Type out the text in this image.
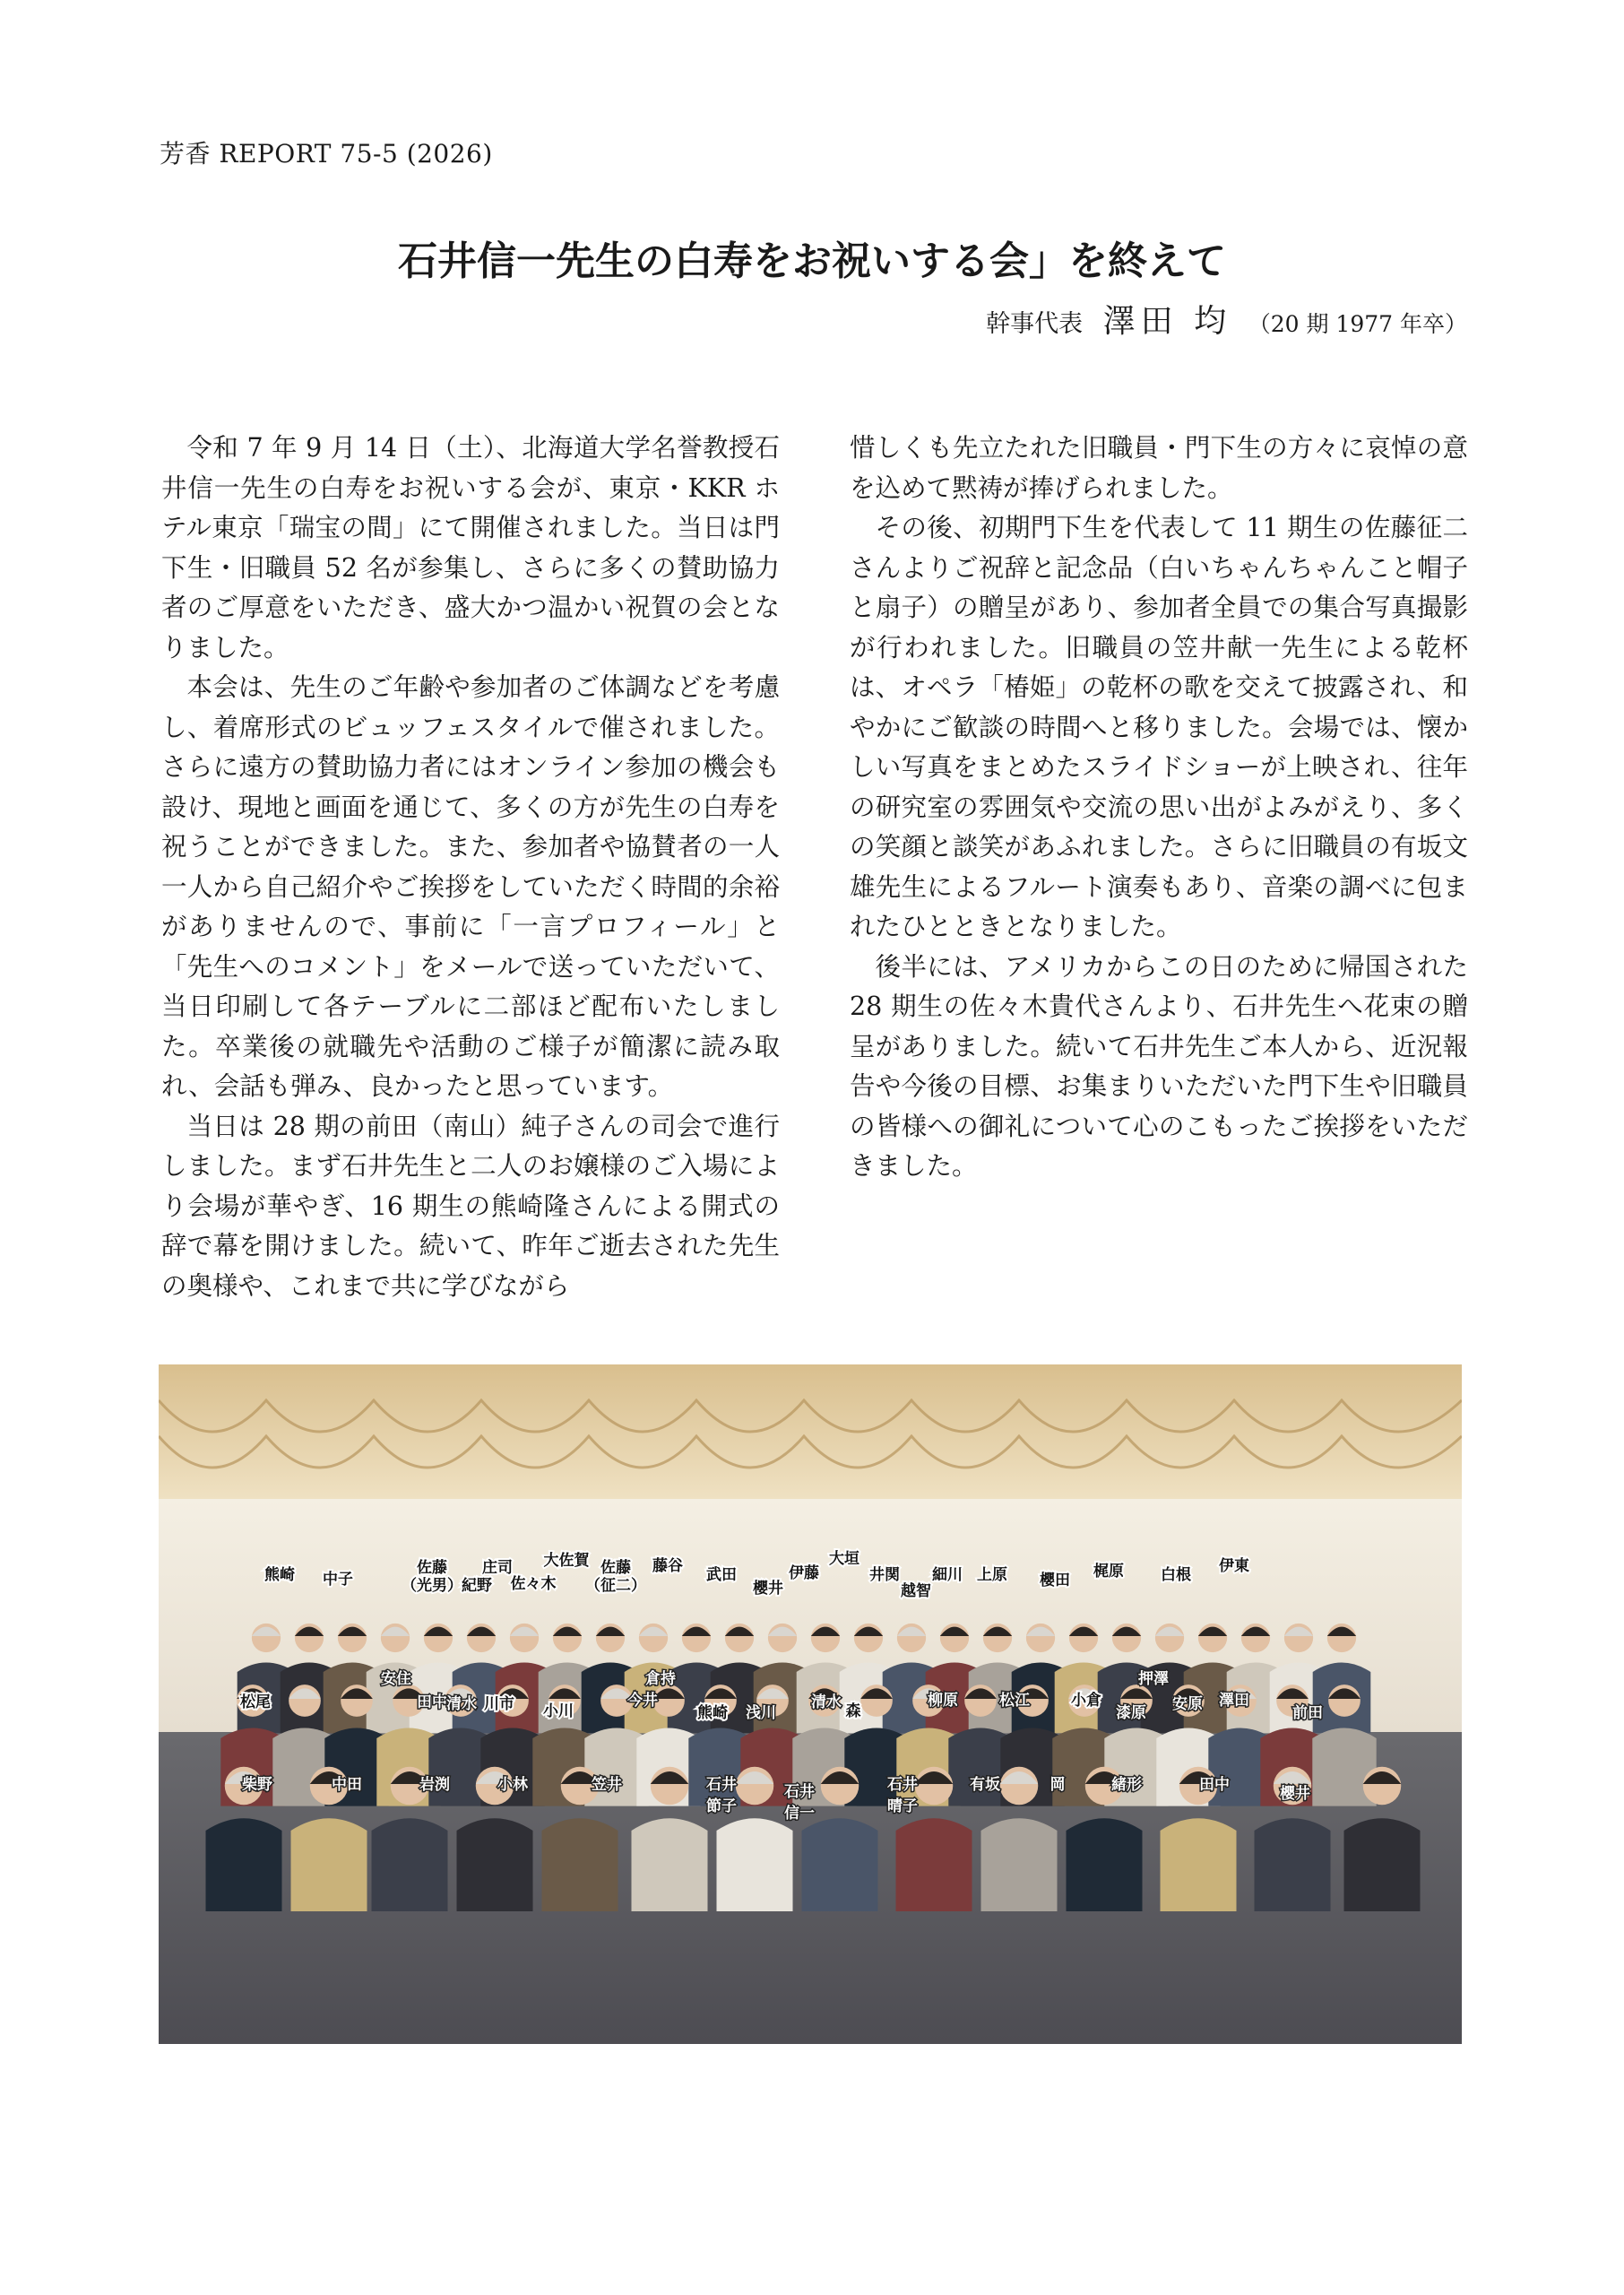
芳香 REPORT 75-5 (2026)
石井信一先生の白寿をお祝いする会」を終えて
幹事代表 澤田 均 （20 期 1977 年卒）

令和 7 年 9 月 14 日（土）、北海道大学名誉教授石井信一先生の白寿をお祝いする会が、東京・KKR ホテル東京「瑞宝の間」にて開催されました。当日は門下生・旧職員 52 名が参集し、さらに多くの賛助協力者のご厚意をいただき、盛大かつ温かい祝賀の会となりました。

本会は、先生のご年齢や参加者のご体調などを考慮し、着席形式のビュッフェスタイルで催されました。さらに遠方の賛助協力者にはオンライン参加の機会も設け、現地と画面を通じて、多くの方が先生の白寿を祝うことができました。また、参加者や協賛者の一人一人から自己紹介やご挨拶をしていただく時間的余裕がありませんので、事前に「一言プロフィール」と「先生へのコメント」をメールで送っていただいて、当日印刷して各テーブルに二部ほど配布いたしました。卒業後の就職先や活動のご様子が簡潔に読み取れ、会話も弾み、良かったと思っています。

当日は 28 期の前田（南山）純子さんの司会で進行しました。まず石井先生と二人のお嬢様のご入場により会場が華やぎ、16 期生の熊崎隆さんによる開式の辞で幕を開けました。続いて、昨年ご逝去された先生の奥様や、これまで共に学びながら

惜しくも先立たれた旧職員・門下生の方々に哀悼の意を込めて黙祷が捧げられました。

その後、初期門下生を代表して 11 期生の佐藤征二さんよりご祝辞と記念品（白いちゃんちゃんこと帽子と扇子）の贈呈があり、参加者全員での集合写真撮影が行われました。旧職員の笠井献一先生による乾杯は、オペラ「椿姫」の乾杯の歌を交えて披露され、和やかにご歓談の時間へと移りました。会場では、懐かしい写真をまとめたスライドショーが上映され、往年の研究室の雰囲気や交流の思い出がよみがえり、多くの笑顔と談笑があふれました。さらに旧職員の有坂文雄先生によるフルート演奏もあり、音楽の調べに包まれたひとときとなりました。

後半には、アメリカからこの日のために帰国された 28 期生の佐々木貴代さんより、石井先生へ花束の贈呈がありました。続いて石井先生ご本人から、近況報告や今後の目標、お集まりいただいた門下生や旧職員の皆様への御礼について心のこもったご挨拶をいただきました。

熊崎 中子
佐藤
（光男） 紀野
庄司
佐々木
大佐賀 佐藤
（征二）
藤谷 武田
櫻井
伊藤
大垣
井関
越智
細川 上原 櫻田 梶原 白根 伊東
松尾
安住
田中 清水 川市 小川
今井
倉持
熊崎 浅川
清水 森
柳原	松江	小倉
押澤
漆原 安原 澤田
前田
柴野	中田	岩渕	小林	笠井	石井
節子
石井
信一
石井
晴子
有坂	岡	緒形	田中	櫻井
